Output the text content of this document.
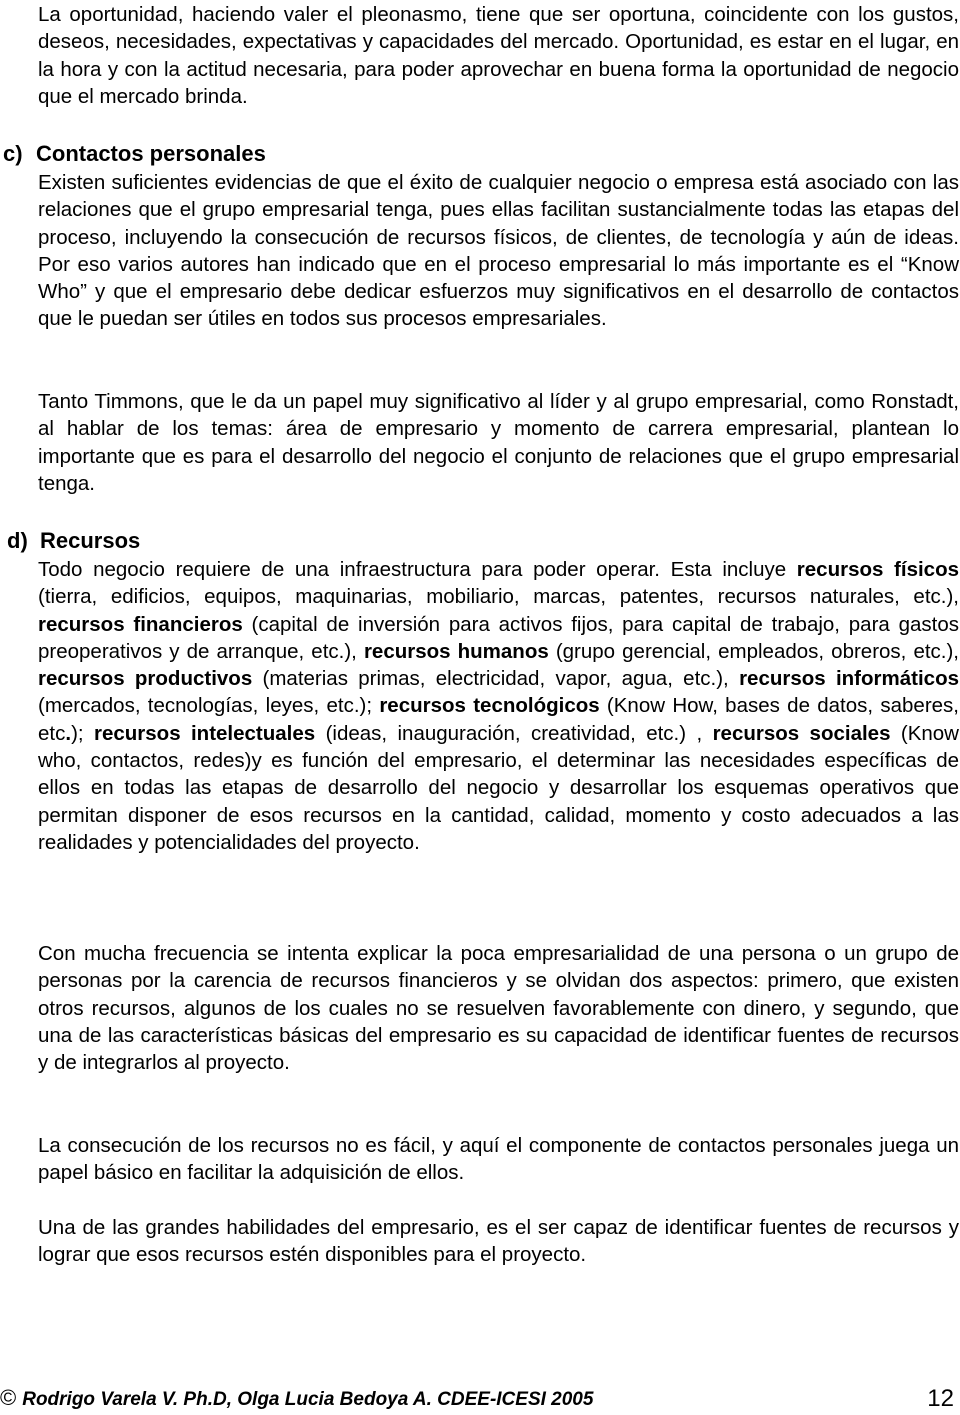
La oportunidad, haciendo valer el pleonasmo, tiene que ser oportuna, coincidente con los gustos, deseos, necesidades, expectativas y capacidades del mercado. Oportunidad, es estar en el lugar, en la hora y con la actitud necesaria, para poder aprovechar en buena forma la oportunidad de negocio que el mercado brinda.

c) Contactos personales

Existen suficientes evidencias de que el éxito de cualquier negocio o empresa está asociado con las relaciones que el grupo empresarial tenga, pues ellas facilitan sustancialmente todas las etapas del proceso, incluyendo la consecución de recursos físicos, de clientes, de tecnología y aún de ideas. Por eso varios autores han indicado que en el proceso empresarial lo más importante es el “Know Who” y que el empresario debe dedicar esfuerzos muy significativos en el desarrollo de contactos que le puedan ser útiles en todos sus procesos empresariales.

Tanto Timmons, que le da un papel muy significativo al líder y al grupo empresarial, como Ronstadt, al hablar de los temas: área de empresario y momento de carrera empresarial, plantean lo importante que es para el desarrollo del negocio el conjunto de relaciones que el grupo empresarial tenga.

d) Recursos

Todo negocio requiere de una infraestructura para poder operar. Esta incluye recursos físicos (tierra, edificios, equipos, maquinarias, mobiliario, marcas, patentes, recursos naturales, etc.), recursos financieros (capital de inversión para activos fijos, para capital de trabajo, para gastos preoperativos y de arranque, etc.), recursos humanos (grupo gerencial, empleados, obreros, etc.), recursos productivos (materias primas, electricidad, vapor, agua, etc.), recursos informáticos (mercados, tecnologías, leyes, etc.); recursos tecnológicos (Know How, bases de datos, saberes, etc.); recursos intelectuales (ideas, inauguración, creatividad, etc.) , recursos sociales (Know who, contactos, redes)y es función del empresario, el determinar las necesidades específicas de ellos en todas las etapas de desarrollo del negocio y desarrollar los esquemas operativos que permitan disponer de esos recursos en la cantidad, calidad, momento y costo adecuados a las realidades y potencialidades del proyecto.

Con mucha frecuencia se intenta explicar la poca empresarialidad de una persona o un grupo de personas por la carencia de recursos financieros y se olvidan dos aspectos: primero, que existen otros recursos, algunos de los cuales no se resuelven favorablemente con dinero, y segundo, que una de las características básicas del empresario es su capacidad de identificar fuentes de recursos y de integrarlos al proyecto.

La consecución de los recursos no es fácil, y aquí el componente de contactos personales juega un papel básico en facilitar la adquisición de ellos.

Una de las grandes habilidades del empresario, es el ser capaz de identificar fuentes de recursos y lograr que esos recursos estén disponibles para el proyecto.

© Rodrigo Varela V. Ph.D, Olga Lucia Bedoya A. CDEE-ICESI 2005	12
